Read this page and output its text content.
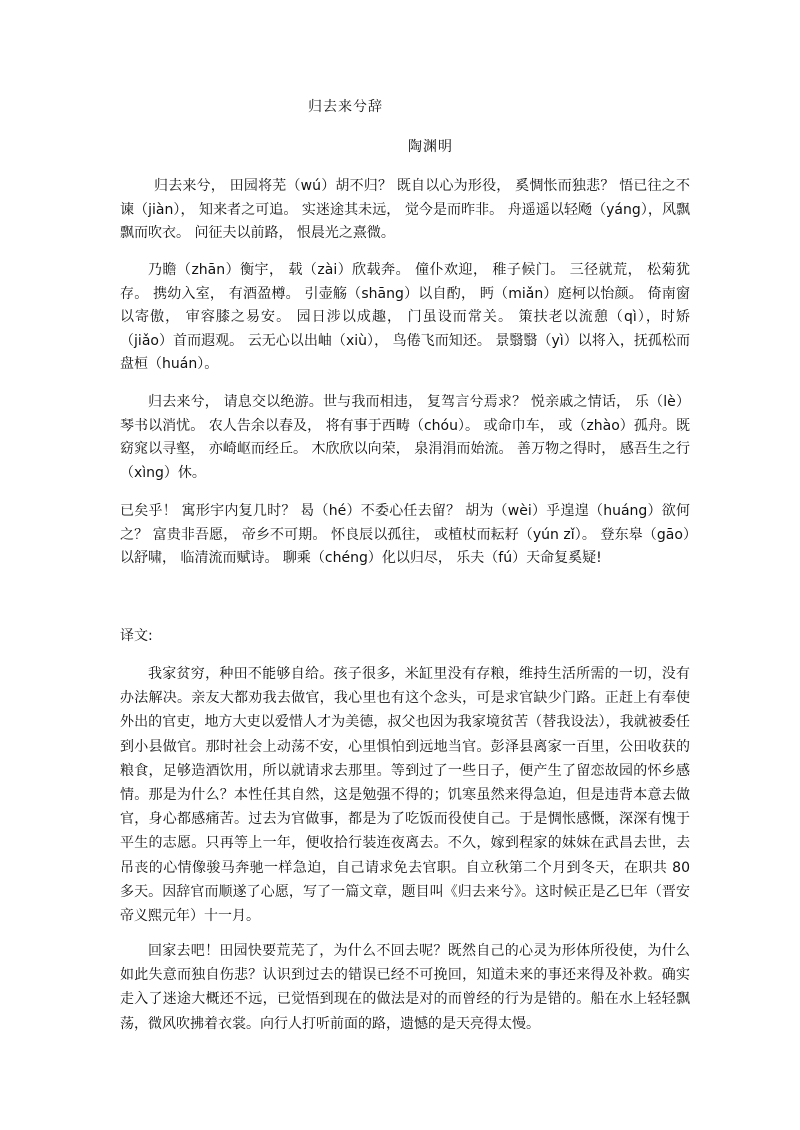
归去来兮辞
陶渊明

归去来兮， 田园将芜（wú）胡不归？ 既自以心为形役， 奚惆怅而独悲？ 悟已往之不谏（jiàn）， 知来者之可追。 实迷途其未远， 觉今是而昨非。 舟遥遥以轻飏（yáng），风飘飘而吹衣。 问征夫以前路， 恨晨光之熹微。

乃瞻（zhān）衡宇， 载（zài）欣载奔。 僮仆欢迎， 稚子候门。 三径就荒， 松菊犹存。 携幼入室， 有酒盈樽。 引壶觞（shāng）以自酌， 眄（miǎn）庭柯以怡颜。 倚南窗以寄傲， 审容膝之易安。 园日涉以成趣， 门虽设而常关。 策扶老以流憩（qì），时矫（jiǎo）首而遐观。 云无心以出岫（xiù）， 鸟倦飞而知还。 景翳翳（yì）以将入，抚孤松而盘桓（huán）。

归去来兮， 请息交以绝游。世与我而相违， 复驾言兮焉求？ 悦亲戚之情话， 乐（lè）琴书以消忧。 农人告余以春及， 将有事于西畴（chóu）。 或命巾车， 或（zhào）孤舟。既窈窕以寻壑， 亦崎岖而经丘。 木欣欣以向荣， 泉涓涓而始流。 善万物之得时， 感吾生之行（xìng）休。

已矣乎！ 寓形宇内复几时？ 曷（hé）不委心任去留？ 胡为（wèi）乎遑遑（huáng）欲何之？ 富贵非吾愿， 帝乡不可期。 怀良辰以孤往， 或植杖而耘耔（yún zǐ）。 登东皋（gāo）以舒啸， 临清流而赋诗。 聊乘（chéng）化以归尽， 乐夫（fú）天命复奚疑!

译文:

我家贫穷，种田不能够自给。孩子很多，米缸里没有存粮，维持生活所需的一切，没有办法解决。亲友大都劝我去做官，我心里也有这个念头，可是求官缺少门路。正赶上有奉使外出的官吏，地方大吏以爱惜人才为美德，叔父也因为我家境贫苦（替我设法），我就被委任到小县做官。那时社会上动荡不安，心里惧怕到远地当官。彭泽县离家一百里，公田收获的粮食，足够造酒饮用，所以就请求去那里。等到过了一些日子，便产生了留恋故园的怀乡感情。那是为什么？本性任其自然，这是勉强不得的；饥寒虽然来得急迫，但是违背本意去做官，身心都感痛苦。过去为官做事，都是为了吃饭而役使自己。于是惆怅感慨，深深有愧于平生的志愿。只再等上一年，便收拾行装连夜离去。不久，嫁到程家的妹妹在武昌去世，去吊丧的心情像骏马奔驰一样急迫，自己请求免去官职。自立秋第二个月到冬天，在职共 80 多天。因辞官而顺遂了心愿，写了一篇文章，题目叫《归去来兮》。这时候正是乙巳年（晋安帝义熙元年）十一月。

回家去吧！田园快要荒芜了，为什么不回去呢？既然自己的心灵为形体所役使，为什么如此失意而独自伤悲？认识到过去的错误已经不可挽回，知道未来的事还来得及补救。确实走入了迷途大概还不远，已觉悟到现在的做法是对的而曾经的行为是错的。船在水上轻轻飘荡，微风吹拂着衣裳。向行人打听前面的路，遗憾的是天亮得太慢。
